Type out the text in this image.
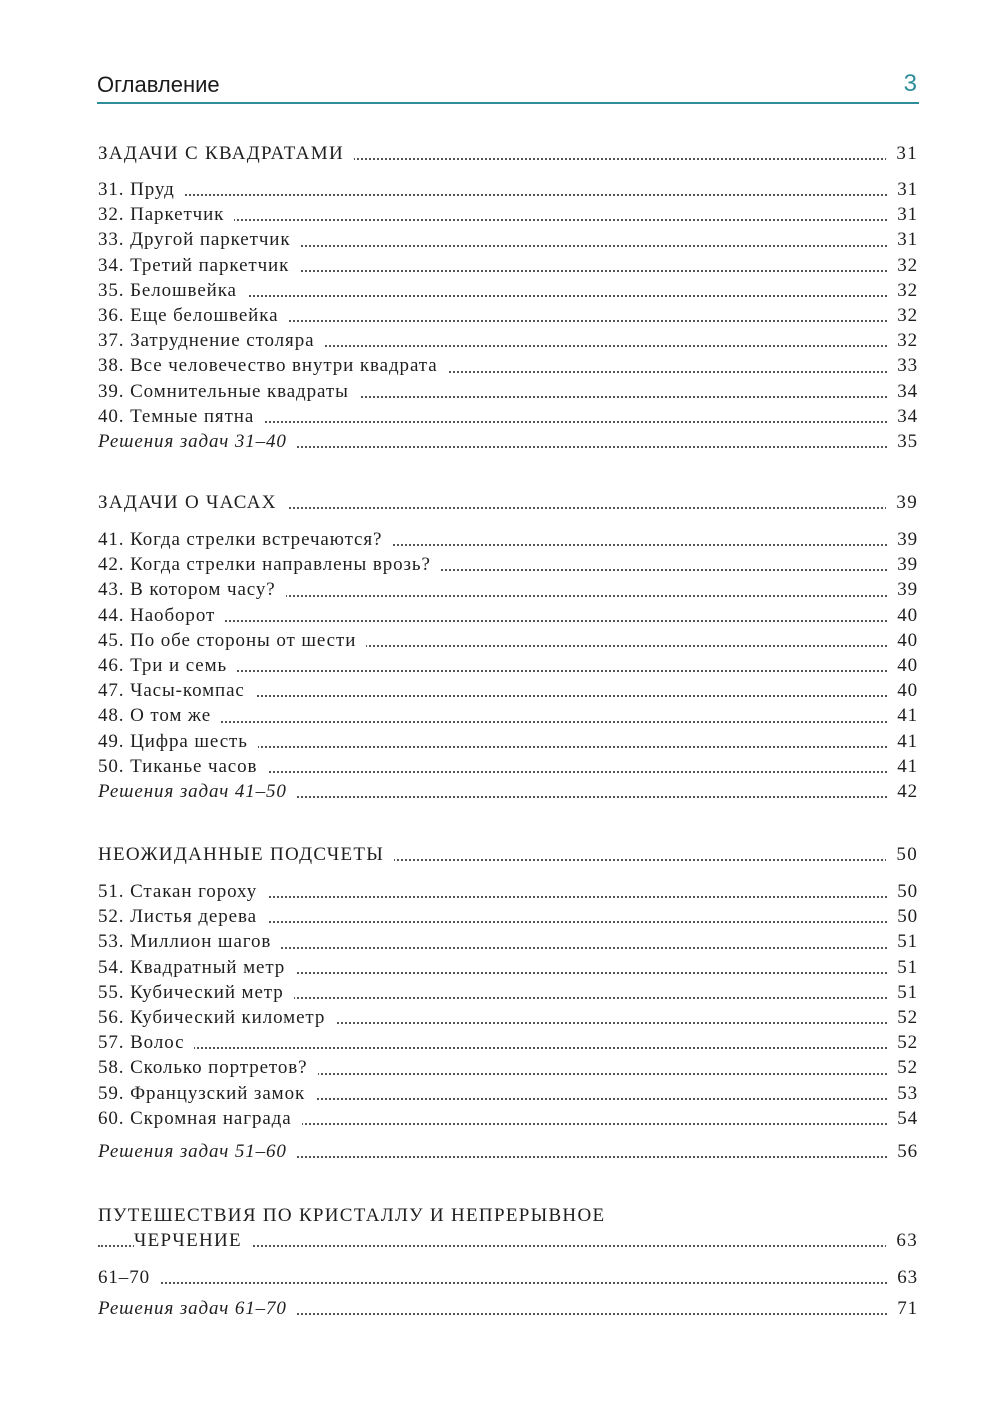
Оглавление	3
ЗАДАЧИ С КВАДРАТАМИ	31
31. Пруд	31
32. Паркетчик	31
33. Другой паркетчик	31
34. Третий паркетчик	32
35. Белошвейка	32
36. Еще белошвейка	32
37. Затруднение столяра	32
38. Все человечество внутри квадрата	33
39. Сомнительные квадраты	34
40. Темные пятна	34
Решения задач 31–40	35
ЗАДАЧИ О ЧАСАХ	39
41. Когда стрелки встречаются?	39
42. Когда стрелки направлены врозь?	39
43. В котором часу?	39
44. Наоборот	40
45. По обе стороны от шести	40
46. Три и семь	40
47. Часы-компас	40
48. О том же	41
49. Цифра шесть	41
50. Тиканье часов	41
Решения задач 41–50	42
НЕОЖИДАННЫЕ ПОДСЧЕТЫ	50
51. Стакан гороху	50
52. Листья дерева	50
53. Миллион шагов	51
54. Квадратный метр	51
55. Кубический метр	51
56. Кубический километр	52
57. Волос	52
58. Сколько портретов?	52
59. Французский замок	53
60. Скромная награда	54
Решения задач 51–60	56
ПУТЕШЕСТВИЯ ПО КРИСТАЛЛУ И НЕПРЕРЫВНОЕ
ЧЕРЧЕНИЕ	63
61–70	63
Решения задач 61–70	71
